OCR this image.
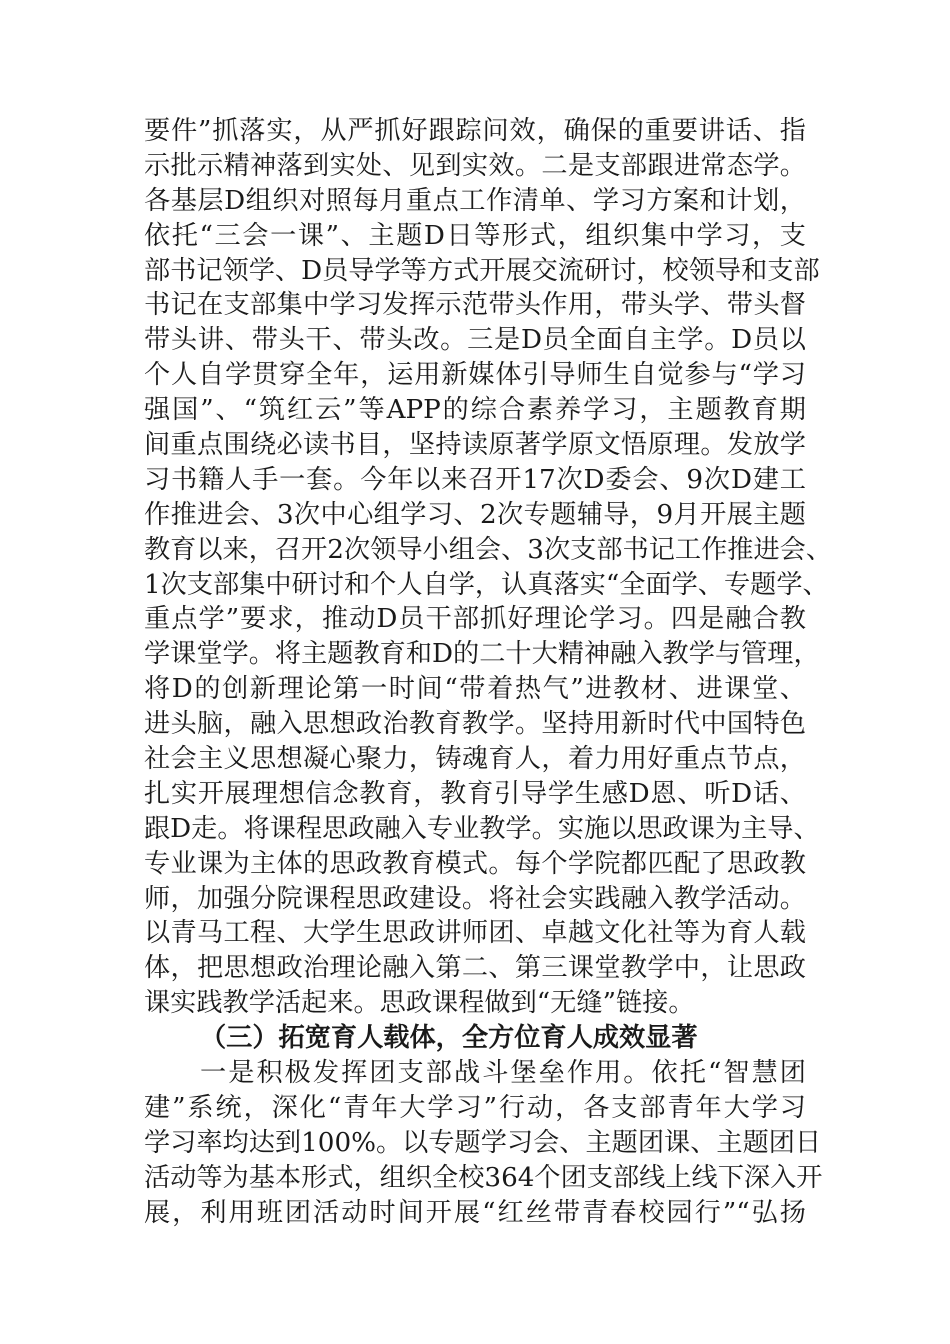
要件”抓落实，从严抓好跟踪问效，确保的重要讲话、指
示批示精神落到实处、见到实效。二是支部跟进常态学。
各基层D组织对照每月重点工作清单、学习方案和计划，
依托“三会一课”、主题D日等形式，组织集中学习，支
部书记领学、D员导学等方式开展交流研讨，校领导和支部
书记在支部集中学习发挥示范带头作用，带头学、带头督
带头讲、带头干、带头改。三是D员全面自主学。D员以
个人自学贯穿全年，运用新媒体引导师生自觉参与“学习
强国”、“筑红云”等APP的综合素养学习，主题教育期
间重点围绕必读书目，坚持读原著学原文悟原理。发放学
习书籍人手一套。今年以来召开17次D委会、9次D建工
作推进会、3次中心组学习、2次专题辅导，9月开展主题
教育以来，召开2次领导小组会、3次支部书记工作推进会、
1次支部集中研讨和个人自学，认真落实“全面学、专题学、
重点学”要求，推动D员干部抓好理论学习。四是融合教
学课堂学。将主题教育和D的二十大精神融入教学与管理，
将D的创新理论第一时间“带着热气”进教材、进课堂、
进头脑，融入思想政治教育教学。坚持用新时代中国特色
社会主义思想凝心聚力，铸魂育人，着力用好重点节点，
扎实开展理想信念教育，教育引导学生感D恩、听D话、
跟D走。将课程思政融入专业教学。实施以思政课为主导、
专业课为主体的思政教育模式。每个学院都匹配了思政教
师，加强分院课程思政建设。将社会实践融入教学活动。
以青马工程、大学生思政讲师团、卓越文化社等为育人载
体，把思想政治理论融入第二、第三课堂教学中，让思政
课实践教学活起来。思政课程做到“无缝”链接。
（三）拓宽育人载体，全方位育人成效显著
一是积极发挥团支部战斗堡垒作用。依托“智慧团
建”系统，深化“青年大学习”行动，各支部青年大学习
学习率均达到100%。以专题学习会、主题团课、主题团日
活动等为基本形式，组织全校364个团支部线上线下深入开
展，利用班团活动时间开展“红丝带青春校园行”“弘扬
